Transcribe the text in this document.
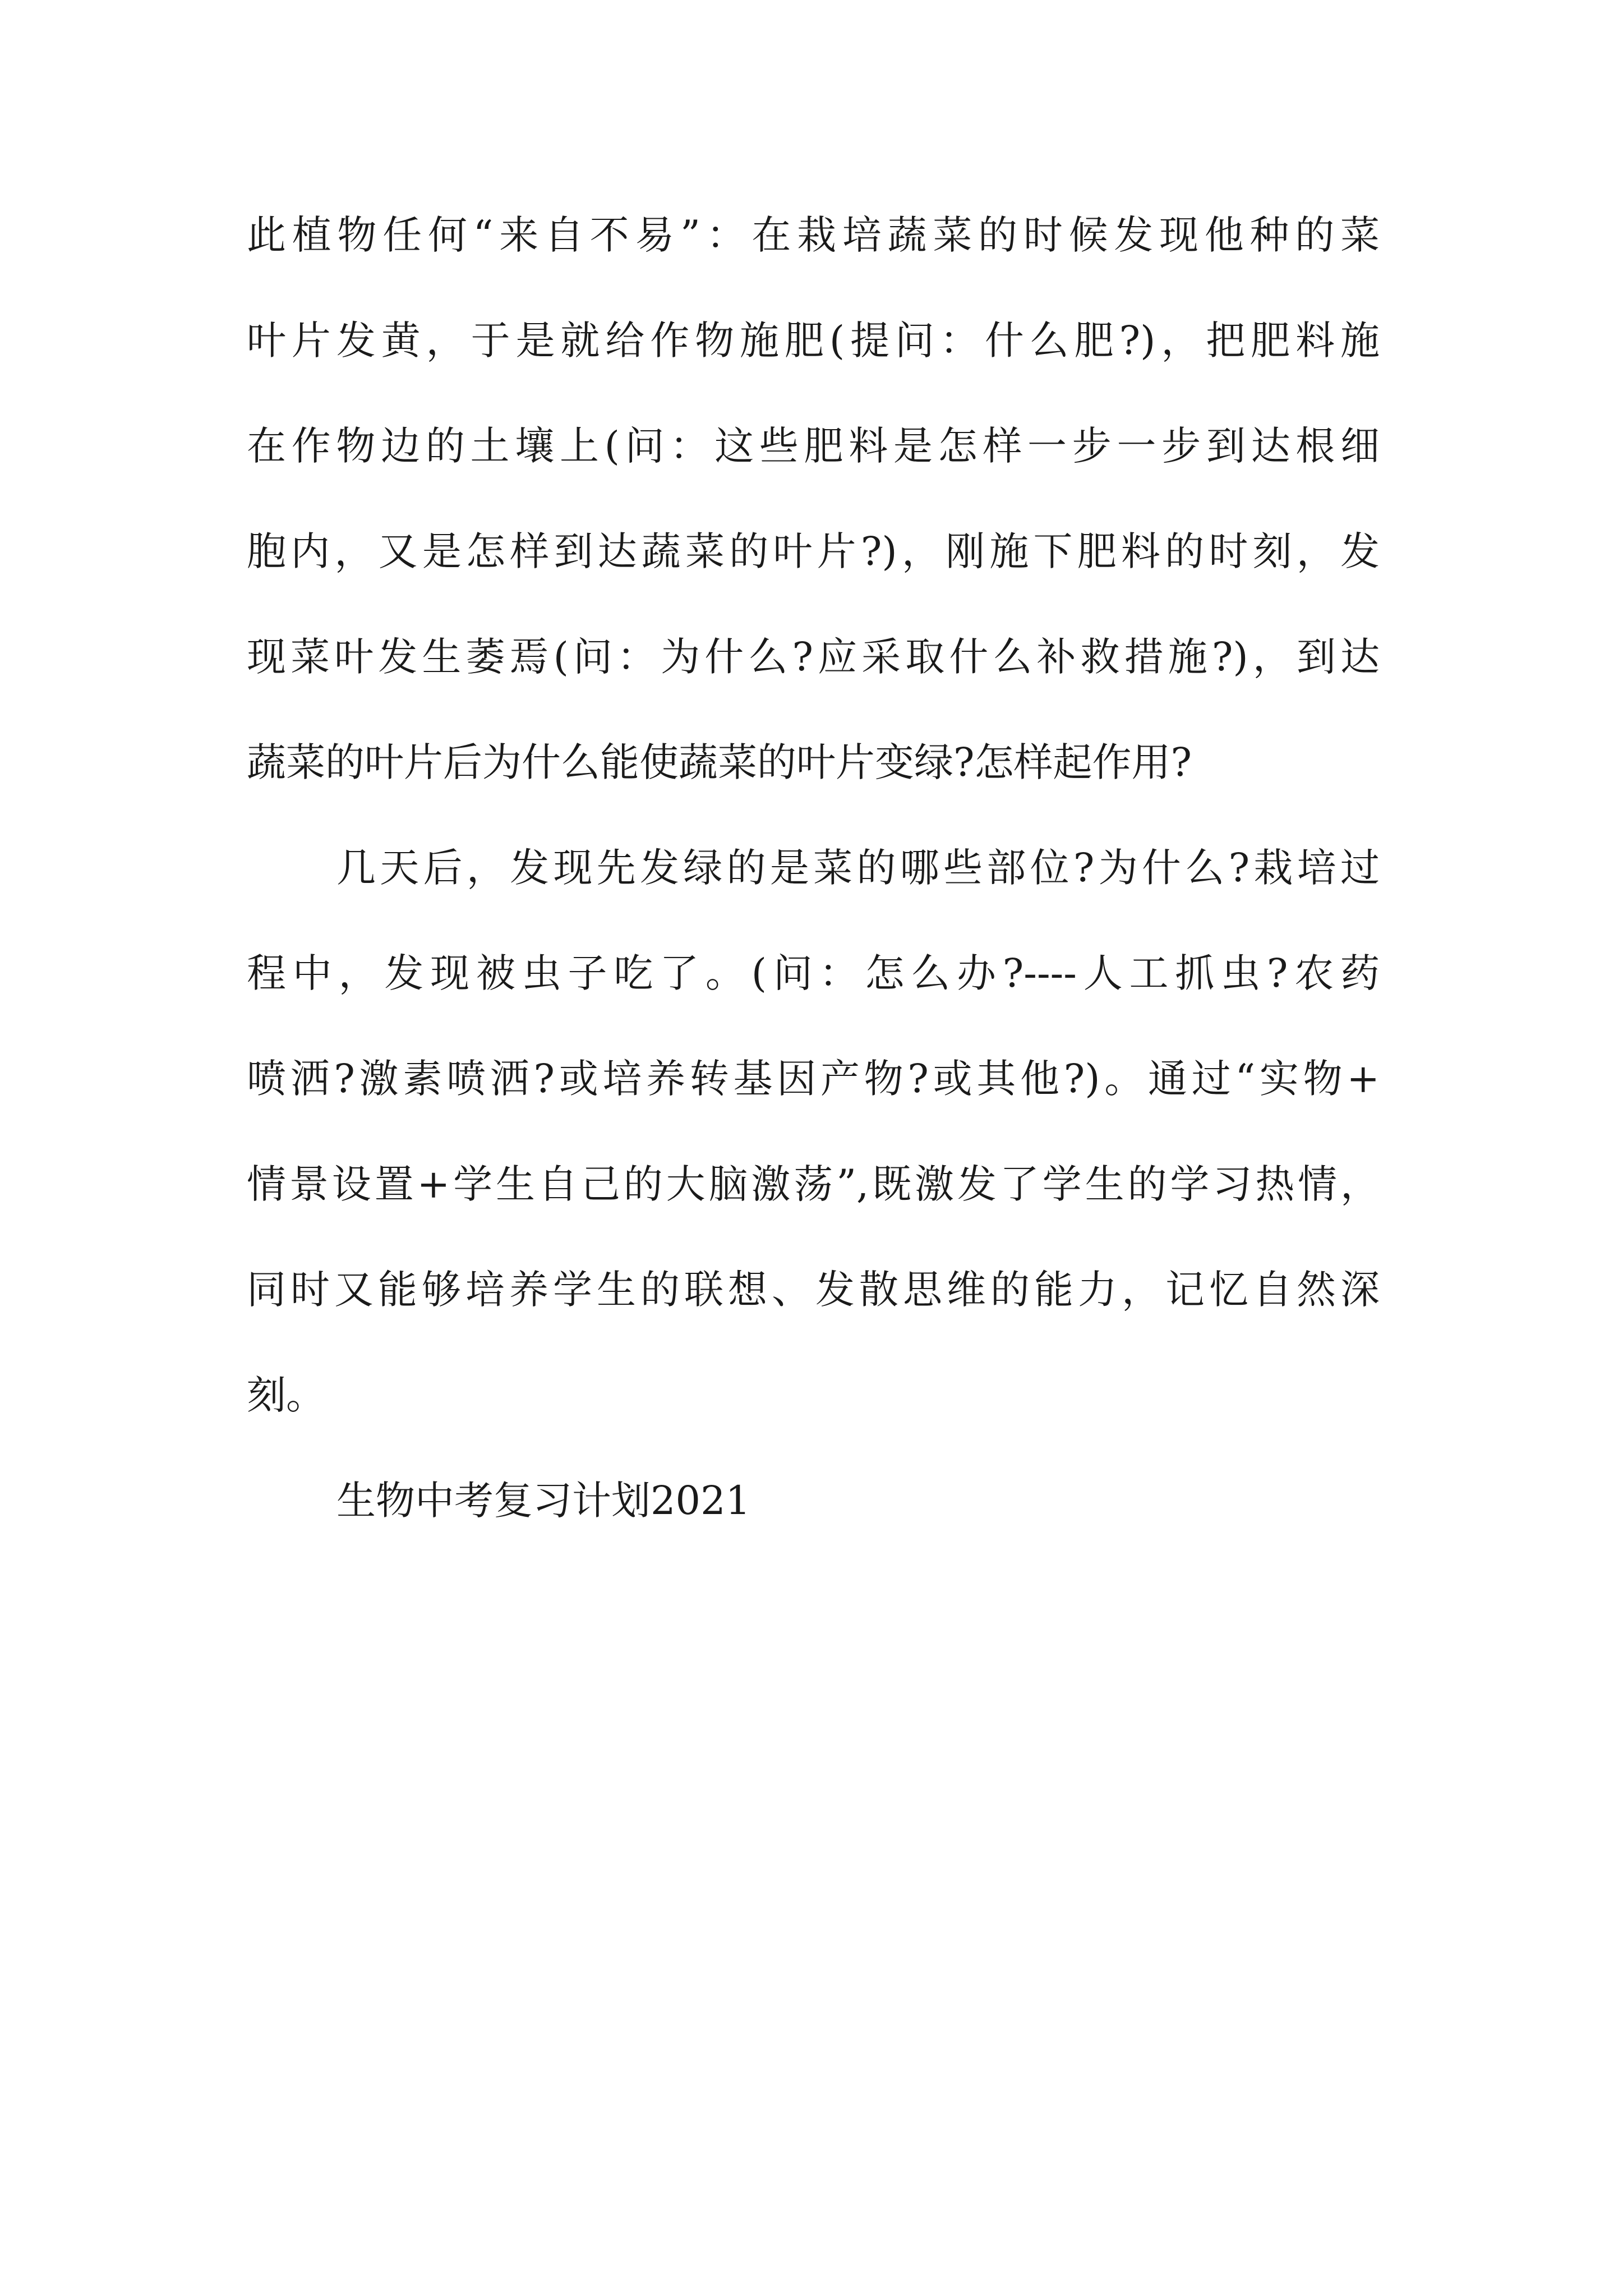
此植物任何“来自不易”：在栽培蔬菜的时候发现他种的菜
叶片发黄，于是就给作物施肥(提问：什么肥?)，把肥料施
在作物边的土壤上(问：这些肥料是怎样一步一步到达根细
胞内，又是怎样到达蔬菜的叶片?)，刚施下肥料的时刻，发
现菜叶发生萎焉(问：为什么?应采取什么补救措施?)，到达
蔬菜的叶片后为什么能使蔬菜的叶片变绿?怎样起作用?
几天后，发现先发绿的是菜的哪些部位?为什么?栽培过
程中，发现被虫子吃了。(问：怎么办?----人工抓虫?农药
喷洒?激素喷洒?或培养转基因产物?或其他?)。通过“实物+
情景设置+学生自己的大脑激荡”,既激发了学生的学习热情，
同时又能够培养学生的联想、发散思维的能力，记忆自然深
刻。
生物中考复习计划2021
